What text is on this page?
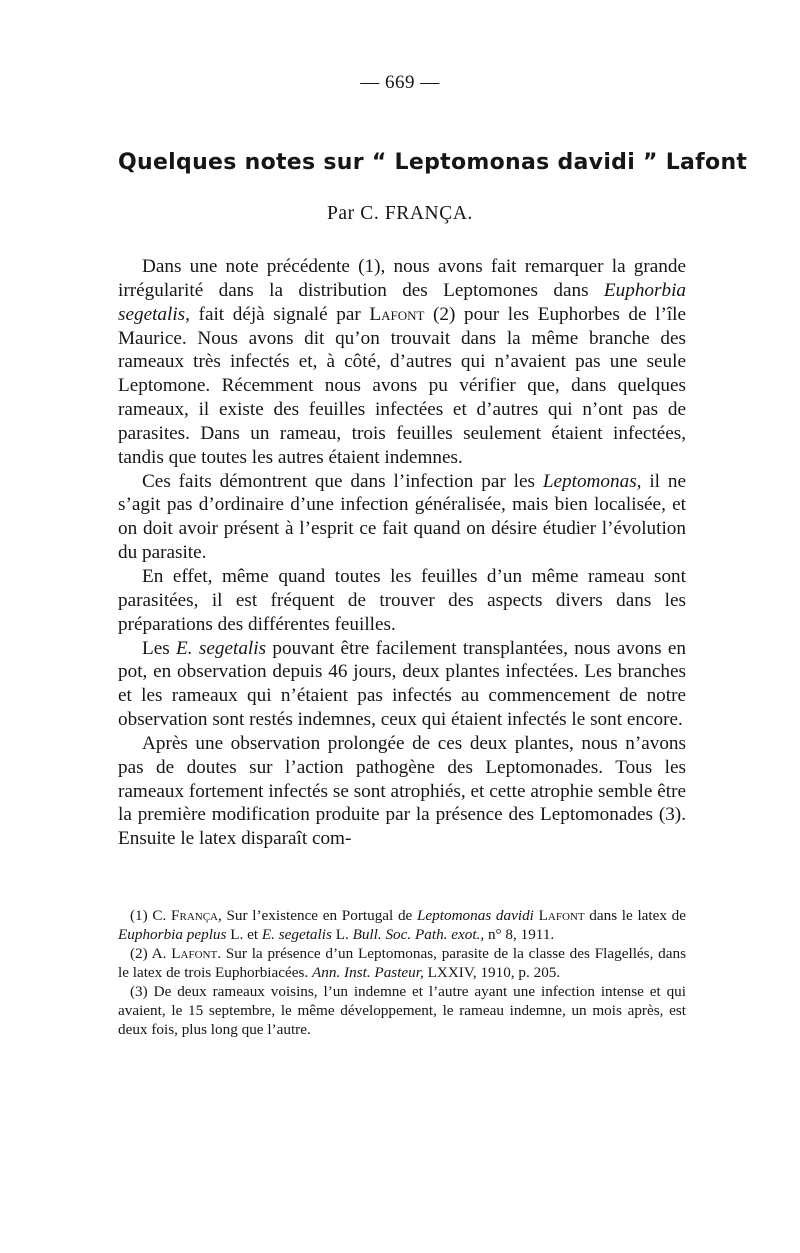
— 669 —
Quelques notes sur “ Leptomonas davidi ” Lafont
Par C. FRANÇA.

Dans une note précédente (1), nous avons fait remarquer la grande irrégularité dans la distribution des Leptomones dans Euphorbia segetalis, fait déjà signalé par Lafont (2) pour les Euphorbes de l’île Maurice. Nous avons dit qu’on trouvait dans la même branche des rameaux très infectés et, à côté, d’autres qui n’avaient pas une seule Leptomone. Récemment nous avons pu vérifier que, dans quelques rameaux, il existe des feuilles infectées et d’autres qui n’ont pas de parasites. Dans un rameau, trois feuilles seulement étaient infectées, tandis que toutes les autres étaient indemnes.

Ces faits démontrent que dans l’infection par les Leptomonas, il ne s’agit pas d’ordinaire d’une infection généralisée, mais bien localisée, et on doit avoir présent à l’esprit ce fait quand on désire étudier l’évolution du parasite.

En effet, même quand toutes les feuilles d’un même rameau sont parasitées, il est fréquent de trouver des aspects divers dans les préparations des différentes feuilles.

Les E. segetalis pouvant être facilement transplantées, nous avons en pot, en observation depuis 46 jours, deux plantes infectées. Les branches et les rameaux qui n’étaient pas infectés au commencement de notre observation sont restés indemnes, ceux qui étaient infectés le sont encore.

Après une observation prolongée de ces deux plantes, nous n’avons pas de doutes sur l’action pathogène des Leptomonades. Tous les rameaux fortement infectés se sont atrophiés, et cette atrophie semble être la première modification produite par la présence des Leptomonades (3). Ensuite le latex disparaît com-

(1) C. França, Sur l’existence en Portugal de Leptomonas davidi Lafont dans le latex de Euphorbia peplus L. et E. segetalis L. Bull. Soc. Path. exot., n° 8, 1911.

(2) A. Lafont. Sur la présence d’un Leptomonas, parasite de la classe des Flagellés, dans le latex de trois Euphorbiacées. Ann. Inst. Pasteur, LXXIV, 1910, p. 205.

(3) De deux rameaux voisins, l’un indemne et l’autre ayant une infection intense et qui avaient, le 15 septembre, le même développement, le rameau indemne, un mois après, est deux fois, plus long que l’autre.
